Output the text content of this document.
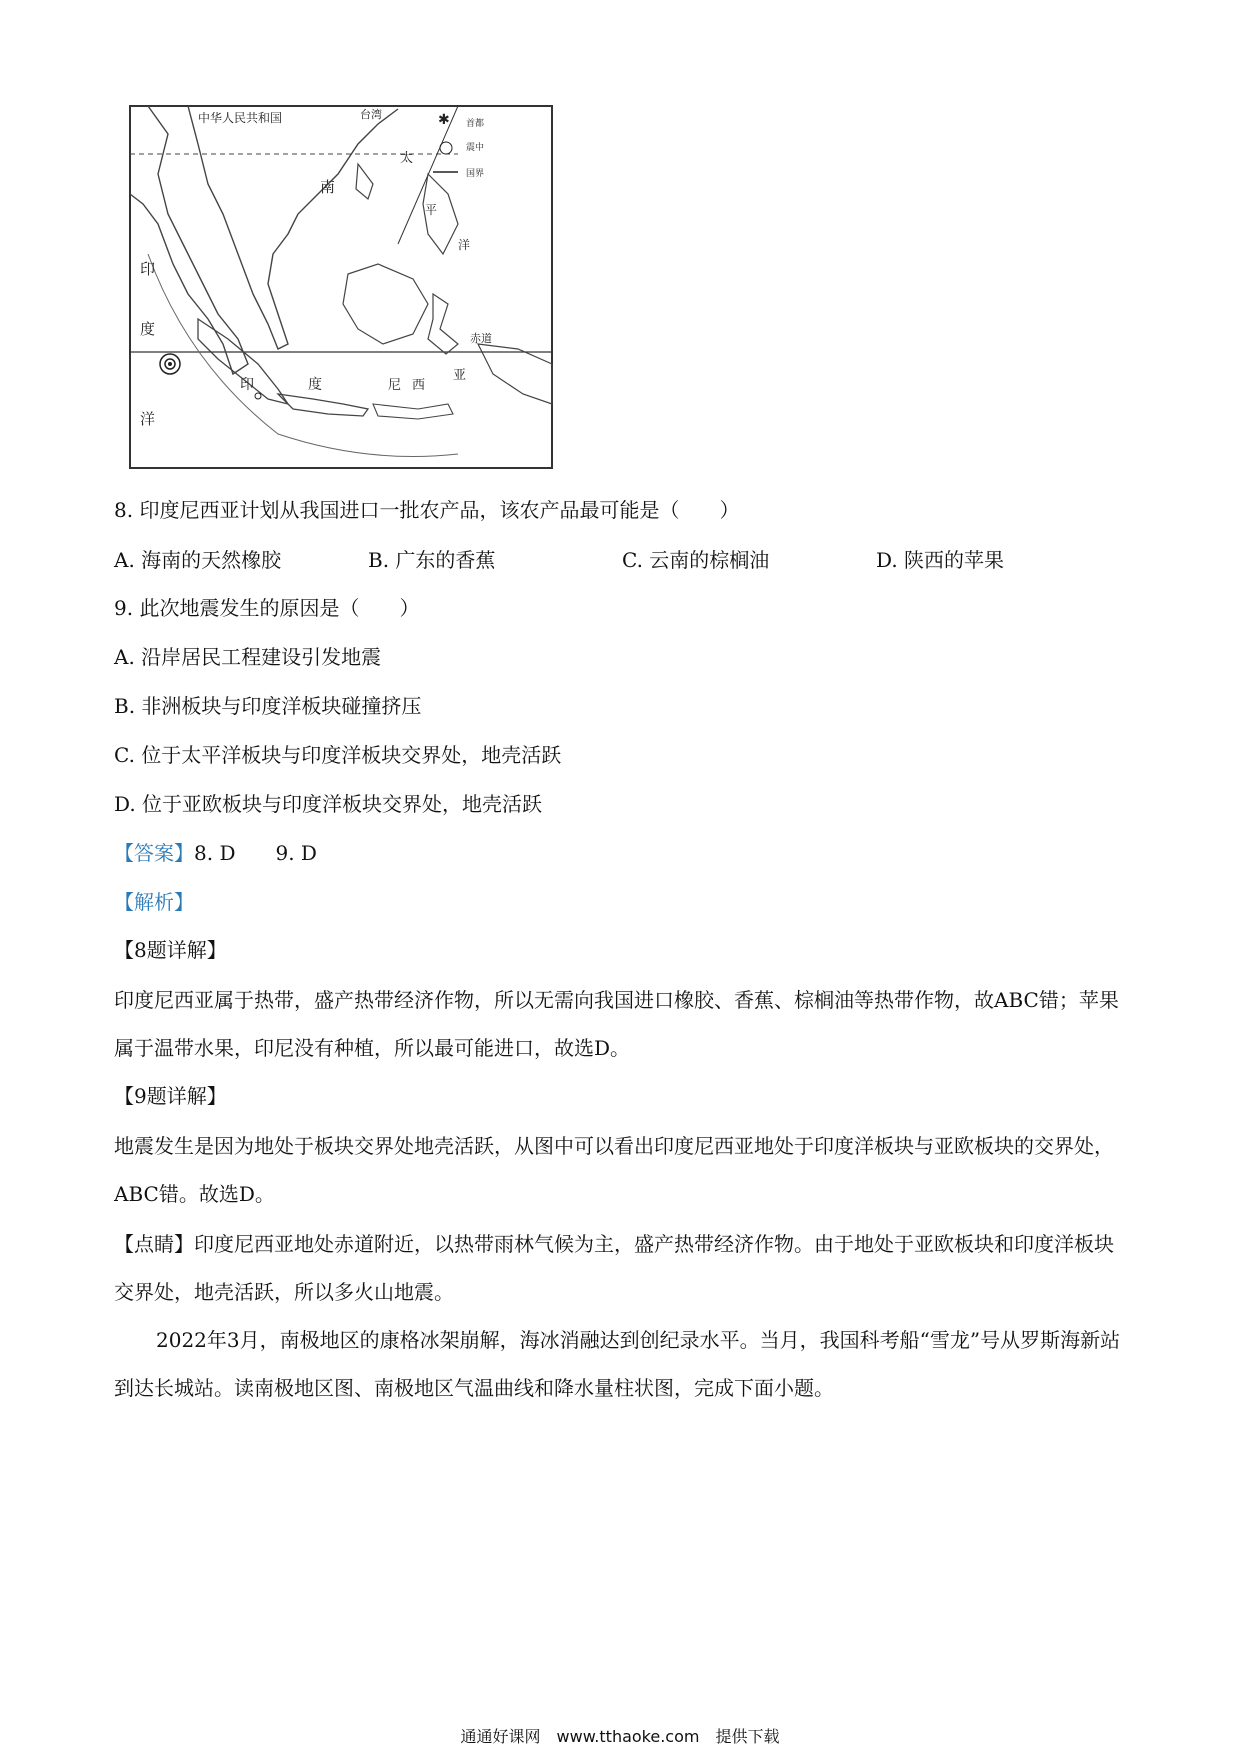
✱
中华人民共和国	台湾
太
平
洋
南
印
度
洋
印	度	尼 西
亚
赤道
首都
震中
国界
8. 印度尼西亚计划从我国进口一批农产品，该农产品最可能是（　　）
A. 海南的天然橡胶	B. 广东的香蕉	C. 云南的棕榈油	D. 陕西的苹果
9. 此次地震发生的原因是（　　）
A. 沿岸居民工程建设引发地震
B. 非洲板块与印度洋板块碰撞挤压
C. 位于太平洋板块与印度洋板块交界处，地壳活跃
D. 位于亚欧板块与印度洋板块交界处，地壳活跃
【答案】8. D　　9. D
【解析】
【8题详解】
印度尼西亚属于热带，盛产热带经济作物，所以无需向我国进口橡胶、香蕉、棕榈油等热带作物，故ABC错；苹果属于温带水果，印尼没有种植，所以最可能进口，故选D。
【9题详解】
地震发生是因为地处于板块交界处地壳活跃，从图中可以看出印度尼西亚地处于印度洋板块与亚欧板块的交界处，ABC错。故选D。
【点睛】印度尼西亚地处赤道附近，以热带雨林气候为主，盛产热带经济作物。由于地处于亚欧板块和印度洋板块　交界处，地壳活跃，所以多火山地震。
2022年3月，南极地区的康格冰架崩解，海冰消融达到创纪录水平。当月，我国科考船“雪龙”号从罗斯海新站到达长城站。读南极地区图、南极地区气温曲线和降水量柱状图，完成下面小题。
通通好课网　www.tthaoke.com　提供下载
